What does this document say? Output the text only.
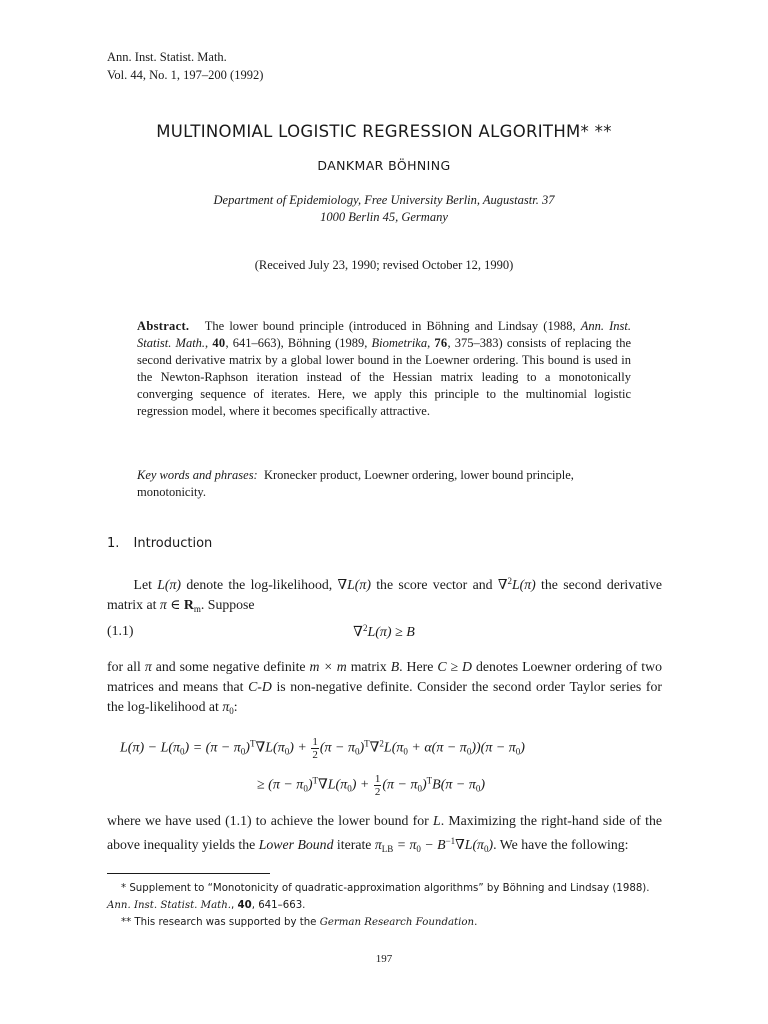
Ann. Inst. Statist. Math.
Vol. 44, No. 1, 197–200 (1992)
MULTINOMIAL LOGISTIC REGRESSION ALGORITHM* **
DANKMAR BÖHNING
Department of Epidemiology, Free University Berlin, Augustastr. 37
1000 Berlin 45, Germany
(Received July 23, 1990; revised October 12, 1990)
Abstract. The lower bound principle (introduced in Böhning and Lindsay (1988, Ann. Inst. Statist. Math., 40, 641–663), Böhning (1989, Biometrika, 76, 375–383) consists of replacing the second derivative matrix by a global lower bound in the Loewner ordering. This bound is used in the Newton-Raphson iteration instead of the Hessian matrix leading to a monotonically converging sequence of iterates. Here, we apply this principle to the multinomial logistic regression model, where it becomes specifically attractive.
Key words and phrases: Kronecker product, Loewner ordering, lower bound principle, monotonicity.
1. Introduction
Let L(π) denote the log-likelihood, ∇L(π) the score vector and ∇$^2$L(π) the second derivative matrix at π ∈ $R_m$. Suppose
(1.1)	∇$^2$L(π) ≥ B
for all π and some negative definite m × m matrix B. Here C ≥ D denotes Loewner ordering of two matrices and means that C-D is non-negative definite. Consider the second order Taylor series for the log-likelihood at $\pi_0$:
$L(\pi) - L(\pi_0) = (\pi - \pi_0)^T\nabla L(\pi_0) + \frac{1}{2} (\pi - \pi_0)^T\nabla^2L(\pi_0 + \alpha(\pi - \pi_0))(\pi - \pi_0)$
≥ $(\pi - \pi_0)^T\nabla L(\pi_0) + \frac{1}{2} (\pi - \pi_0)^TB(\pi - \pi_0)$
where we have used (1.1) to achieve the lower bound for L. Maximizing the right-hand side of the above inequality yields the Lower Bound iterate $\pi_{LB} = \pi_0 - B^{-1}\nabla L(\pi_0)$. We have the following:
* Supplement to “Monotonicity of quadratic-approximation algorithms” by Böhning and Lindsay (1988). Ann. Inst. Statist. Math., 40, 641–663.
** This research was supported by the German Research Foundation.
197
